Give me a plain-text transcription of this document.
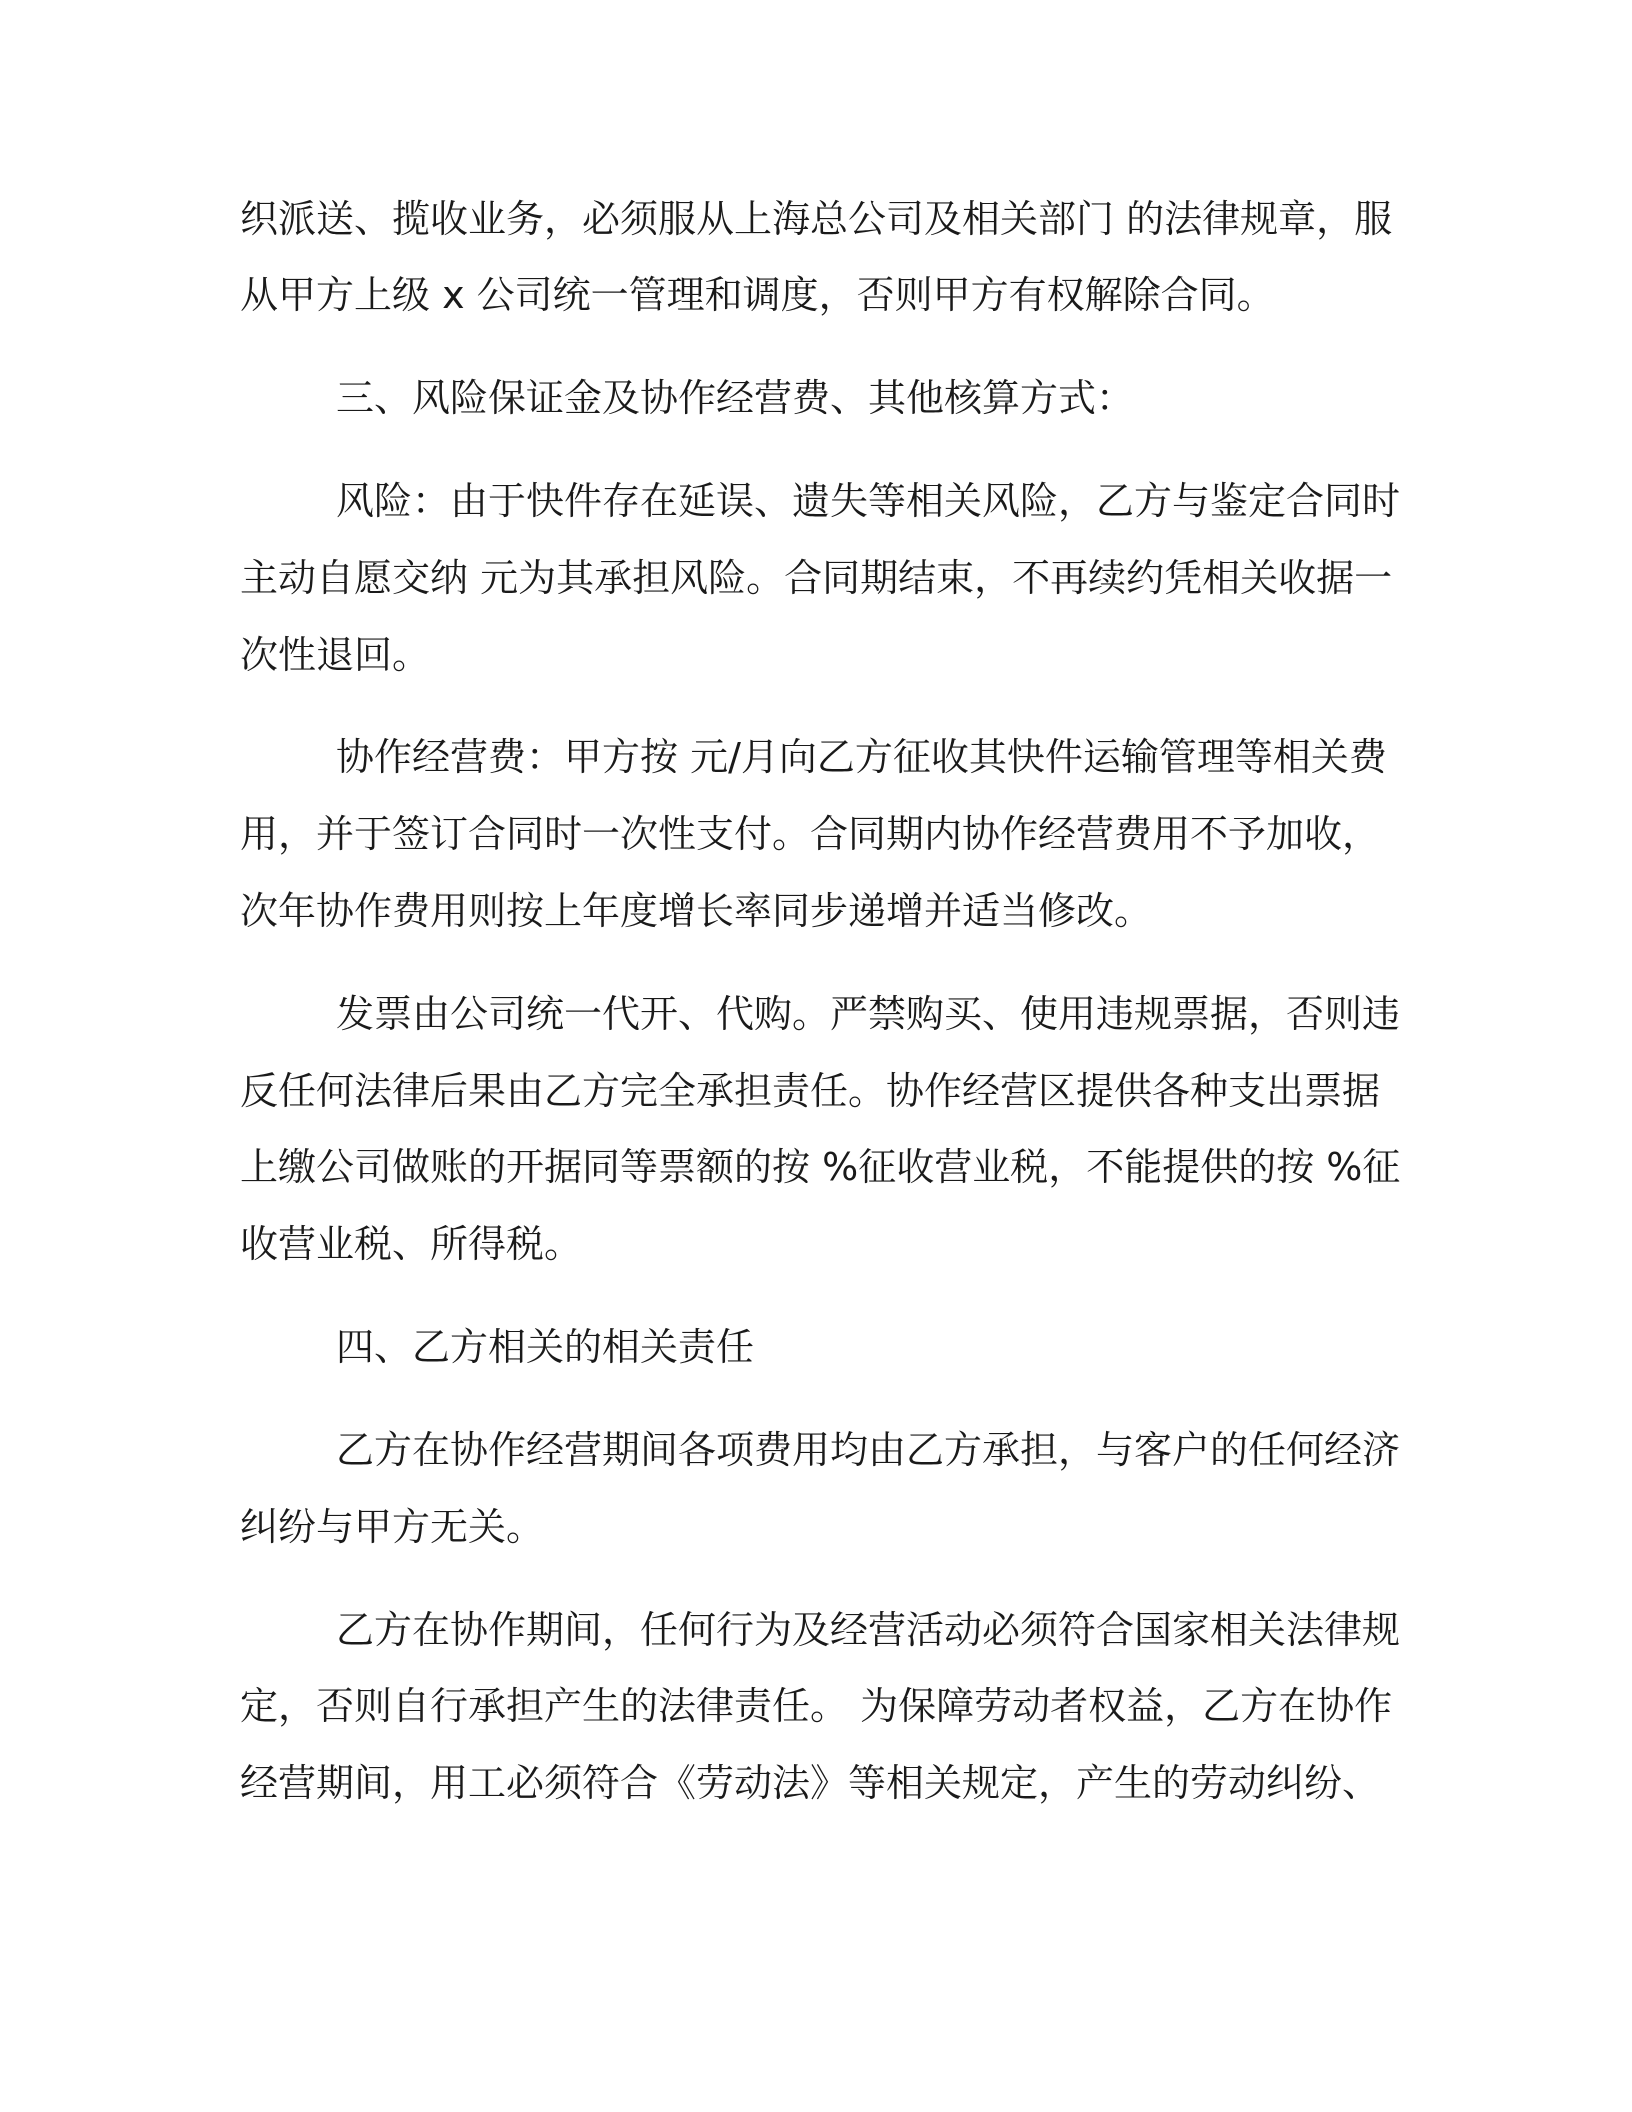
织派送、揽收业务，必须服从上海总公司及相关部门 的法律规章，服

从甲方上级 x 公司统一管理和调度，否则甲方有权解除合同。

三、风险保证金及协作经营费、其他核算方式：

风险：由于快件存在延误、遗失等相关风险，乙方与鉴定合同时

主动自愿交纳 元为其承担风险。合同期结束，不再续约凭相关收据一

次性退回。

协作经营费：甲方按 元/月向乙方征收其快件运输管理等相关费

用，并于签订合同时一次性支付。合同期内协作经营费用不予加收，

次年协作费用则按上年度增长率同步递增并适当修改。

发票由公司统一代开、代购。严禁购买、使用违规票据，否则违

反任何法律后果由乙方完全承担责任。协作经营区提供各种支出票据

上缴公司做账的开据同等票额的按 %征收营业税，不能提供的按 %征

收营业税、所得税。

四、乙方相关的相关责任

乙方在协作经营期间各项费用均由乙方承担，与客户的任何经济

纠纷与甲方无关。

乙方在协作期间，任何行为及经营活动必须符合国家相关法律规

定，否则自行承担产生的法律责任。 为保障劳动者权益，乙方在协作

经营期间，用工必须符合《劳动法》等相关规定，产生的劳动纠纷、
